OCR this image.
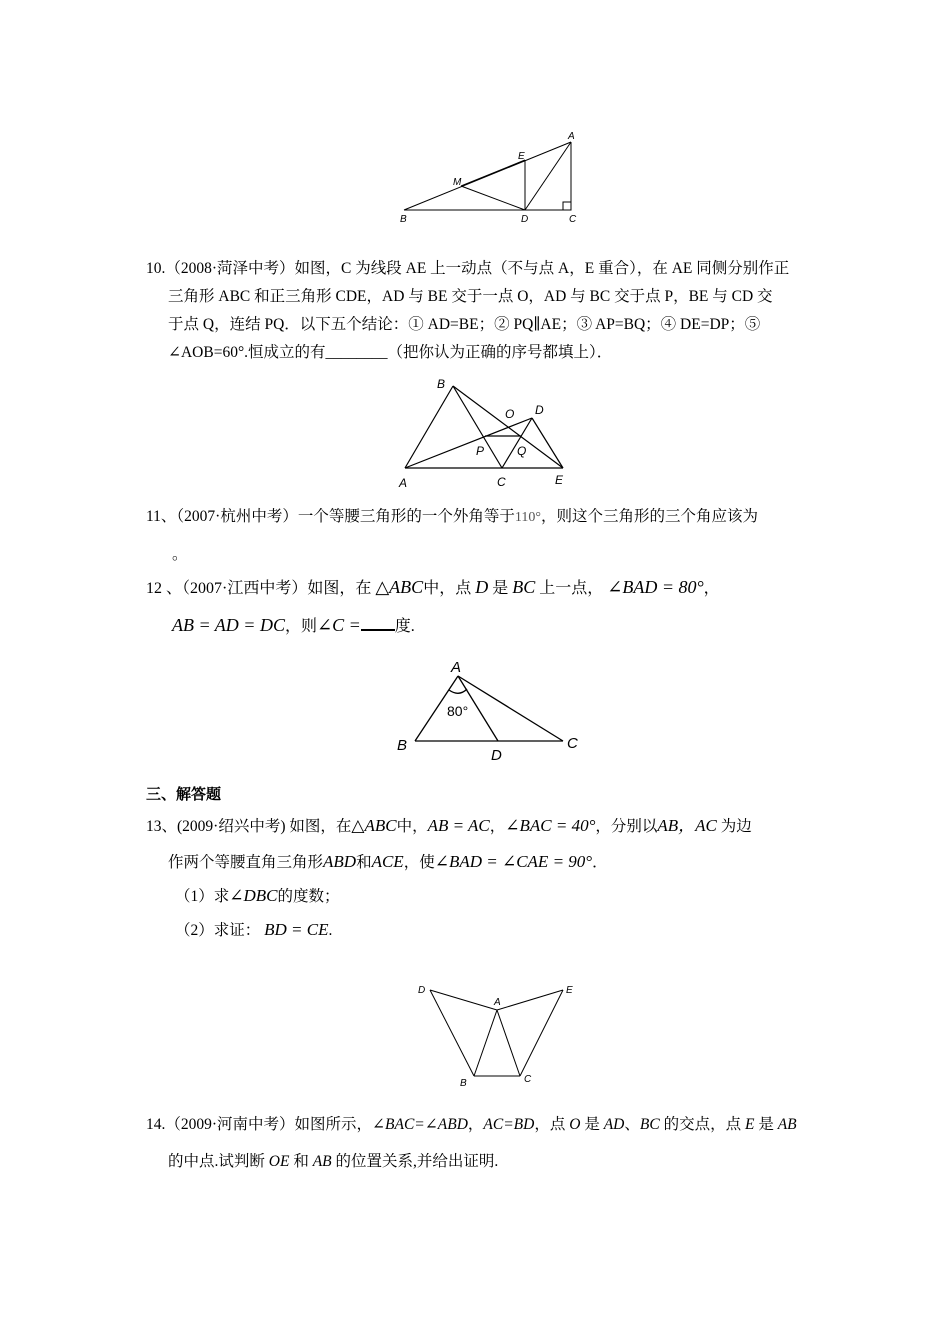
A
E
M
B	D	C
10.（2008·菏泽中考）如图，C 为线段 AE 上一动点（不与点 A，E 重合），在 AE 同侧分别作正
三角形 ABC 和正三角形 CDE，AD 与 BE 交于一点 O，AD 与 BC 交于点 P，BE 与 CD 交
于点 Q，连结 PQ．以下五个结论：① AD=BE；② PQ∥AE；③ AP=BQ；④ DE=DP；⑤
∠AOB=60°.恒成立的有________（把你认为正确的序号都填上）．
B
O D
P	Q
A	C	E
11、（2007·杭州中考）一个等腰三角形的一个外角等于110°，则这个三角形的三个角应该为
。
12 、（2007·江西中考）如图，在 △ABC中，点 D 是 BC 上一点， ∠BAD = 80°，
AB = AD = DC，则∠C = 度.
A
80°
B
D
C
三、解答题
13、(2009·绍兴中考) 如图，在△ABC中，AB = AC，∠BAC = 40°，分别以AB，AC 为边
作两个等腰直角三角形ABD和ACE，使∠BAD = ∠CAE = 90°．
（1）求∠DBC的度数；
（2）求证： BD = CE.
D
A
E
B	C
14.（2009·河南中考）如图所示，∠BAC=∠ABD，AC=BD，点 O 是 AD、BC 的交点，点 E 是 AB
的中点.试判断 OE 和 AB 的位置关系,并给出证明.
